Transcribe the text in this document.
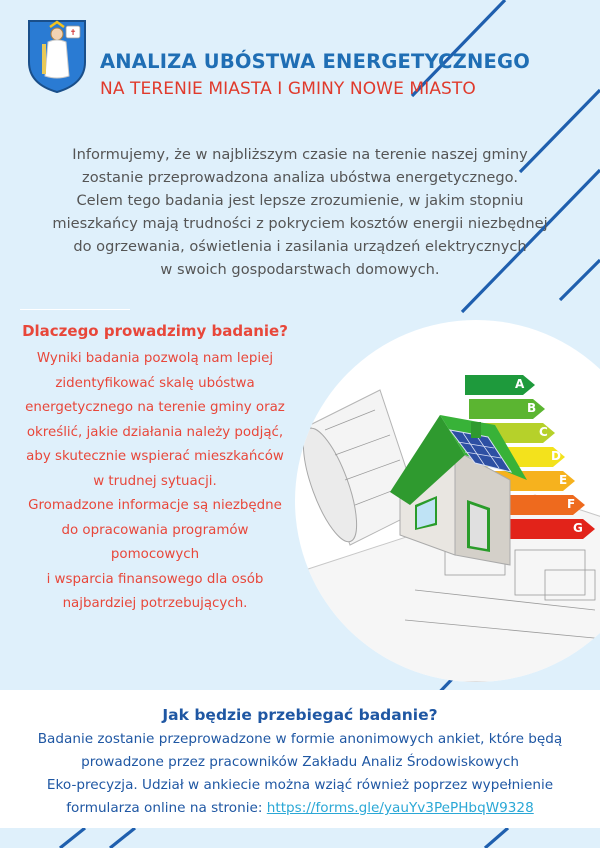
✝
ANALIZA UBÓSTWA ENERGETYCZNEGO
NA TERENIE MIASTA I GMINY NOWE MIASTO
Informujemy, że w najbliższym czasie na terenie naszej gminy
zostanie przeprowadzona analiza ubóstwa energetycznego.
Celem tego badania jest lepsze zrozumienie, w jakim stopniu
mieszkańcy mają trudności z pokryciem kosztów energii niezbędnej
do ogrzewania, oświetlenia i zasilania urządzeń elektrycznych
w swoich gospodarstwach domowych.
Dlaczego prowadzimy badanie?
Wyniki badania pozwolą nam lepiej
zidentyfikować skalę ubóstwa
energetycznego na terenie gminy oraz
określić, jakie działania należy podjąć,
aby skutecznie wspierać mieszkańców
w trudnej sytuacji.
Gromadzone informacje są niezbędne
do opracowania programów
pomocowych
i wsparcia finansowego dla osób
najbardziej potrzebujących.
A
B
C
D
E
F
G
Jak będzie przebiegać badanie?
Badanie zostanie przeprowadzone w formie anonimowych ankiet, które będą
prowadzone przez pracowników Zakładu Analiz Środowiskowych
Eko-precyzja. Udział w ankiecie można wziąć również poprzez wypełnienie
formularza online na stronie: https://forms.gle/yauYv3PePHbqW9328
